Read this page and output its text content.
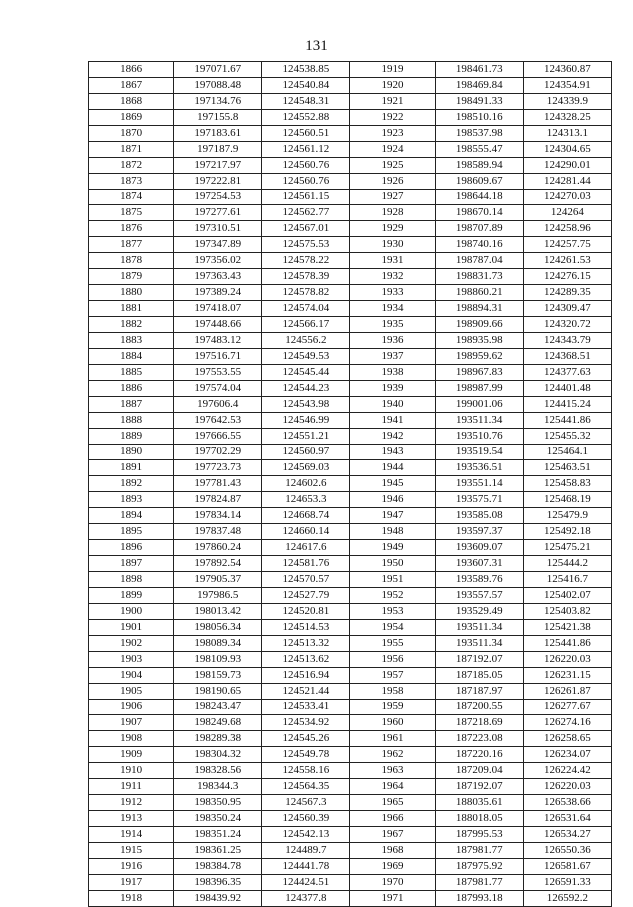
131
1866	197071.67	124538.85	1919	198461.73	124360.87
1867	197088.48	124540.84	1920	198469.84	124354.91
1868	197134.76	124548.31	1921	198491.33	124339.9
1869	197155.8	124552.88	1922	198510.16	124328.25
1870	197183.61	124560.51	1923	198537.98	124313.1
1871	197187.9	124561.12	1924	198555.47	124304.65
1872	197217.97	124560.76	1925	198589.94	124290.01
1873	197222.81	124560.76	1926	198609.67	124281.44
1874	197254.53	124561.15	1927	198644.18	124270.03
1875	197277.61	124562.77	1928	198670.14	124264
1876	197310.51	124567.01	1929	198707.89	124258.96
1877	197347.89	124575.53	1930	198740.16	124257.75
1878	197356.02	124578.22	1931	198787.04	124261.53
1879	197363.43	124578.39	1932	198831.73	124276.15
1880	197389.24	124578.82	1933	198860.21	124289.35
1881	197418.07	124574.04	1934	198894.31	124309.47
1882	197448.66	124566.17	1935	198909.66	124320.72
1883	197483.12	124556.2	1936	198935.98	124343.79
1884	197516.71	124549.53	1937	198959.62	124368.51
1885	197553.55	124545.44	1938	198967.83	124377.63
1886	197574.04	124544.23	1939	198987.99	124401.48
1887	197606.4	124543.98	1940	199001.06	124415.24
1888	197642.53	124546.99	1941	193511.34	125441.86
1889	197666.55	124551.21	1942	193510.76	125455.32
1890	197702.29	124560.97	1943	193519.54	125464.1
1891	197723.73	124569.03	1944	193536.51	125463.51
1892	197781.43	124602.6	1945	193551.14	125458.83
1893	197824.87	124653.3	1946	193575.71	125468.19
1894	197834.14	124668.74	1947	193585.08	125479.9
1895	197837.48	124660.14	1948	193597.37	125492.18
1896	197860.24	124617.6	1949	193609.07	125475.21
1897	197892.54	124581.76	1950	193607.31	125444.2
1898	197905.37	124570.57	1951	193589.76	125416.7
1899	197986.5	124527.79	1952	193557.57	125402.07
1900	198013.42	124520.81	1953	193529.49	125403.82
1901	198056.34	124514.53	1954	193511.34	125421.38
1902	198089.34	124513.32	1955	193511.34	125441.86
1903	198109.93	124513.62	1956	187192.07	126220.03
1904	198159.73	124516.94	1957	187185.05	126231.15
1905	198190.65	124521.44	1958	187187.97	126261.87
1906	198243.47	124533.41	1959	187200.55	126277.67
1907	198249.68	124534.92	1960	187218.69	126274.16
1908	198289.38	124545.26	1961	187223.08	126258.65
1909	198304.32	124549.78	1962	187220.16	126234.07
1910	198328.56	124558.16	1963	187209.04	126224.42
1911	198344.3	124564.35	1964	187192.07	126220.03
1912	198350.95	124567.3	1965	188035.61	126538.66
1913	198350.24	124560.39	1966	188018.05	126531.64
1914	198351.24	124542.13	1967	187995.53	126534.27
1915	198361.25	124489.7	1968	187981.77	126550.36
1916	198384.78	124441.78	1969	187975.92	126581.67
1917	198396.35	124424.51	1970	187981.77	126591.33
1918	198439.92	124377.8	1971	187993.18	126592.2
